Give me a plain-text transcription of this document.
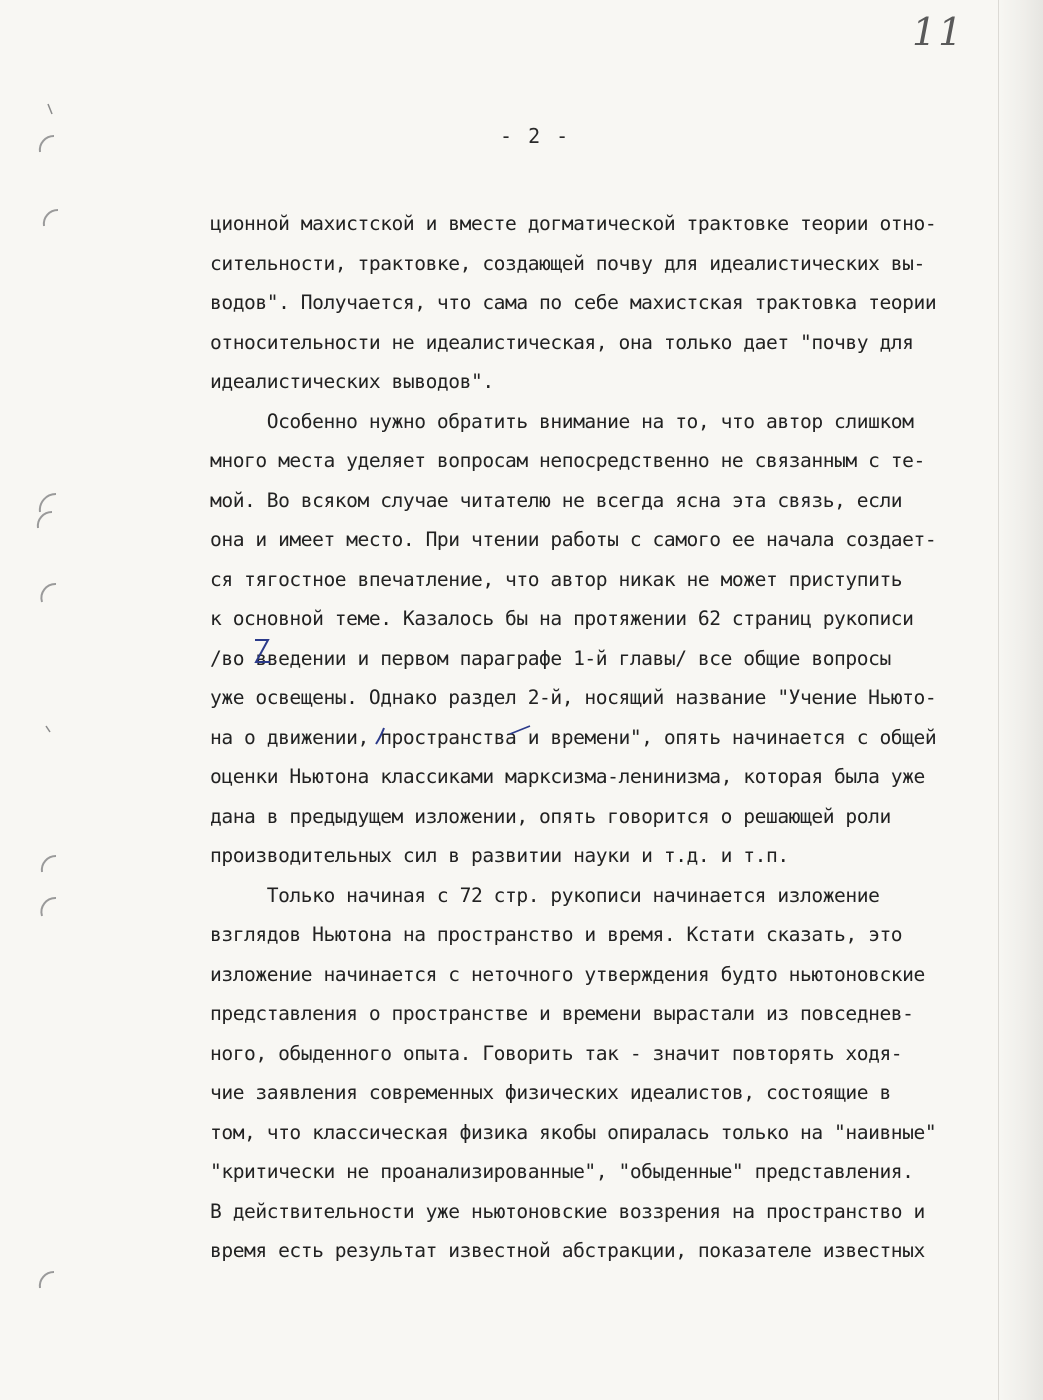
11
- 2 -
ционной махистской и вместе догматической трактовке теории отно-
сительности, трактовке, создающей почву для идеалистических вы-
водов". Получается, что сама по себе махистская трактовка теории
относительности не идеалистическая, она только дает "почву для
идеалистических выводов".
Особенно нужно обратить внимание на то, что автор слишком
много места уделяет вопросам непосредственно не связанным с те-
мой. Во всяком случае читателю не всегда ясна эта связь, если
она и имеет место. При чтении работы с самого ее начала создает-
ся тягостное впечатление, что автор никак не может приступить
к основной теме. Казалось бы на протяжении 62 страниц рукописи
/во введении и первом параграфе 1-й главы/ все общие вопросы
уже освещены. Однако раздел 2-й, носящий название "Учение Ньюто-
на о движении, пространства и времени", опять начинается с общей
оценки Ньютона классиками марксизма-ленинизма, которая была уже
дана в предыдущем изложении, опять говорится о решающей роли
производительных сил в развитии науки и т.д. и т.п.
Только начиная с 72 стр. рукописи начинается изложение
взглядов Ньютона на пространство и время. Кстати сказать, это
изложение начинается с неточного утверждения будто ньютоновские
представления о пространстве и времени вырастали из повседнев-
ного, обыденного опыта. Говорить так - значит повторять ходя-
чие заявления современных физических идеалистов, состоящие в
том, что классическая физика якобы опиралась только на "наивные"
"критически не проанализированные", "обыденные" представления.
В действительности уже ньютоновские воззрения на пространство и
время есть результат известной абстракции, показателе известных
